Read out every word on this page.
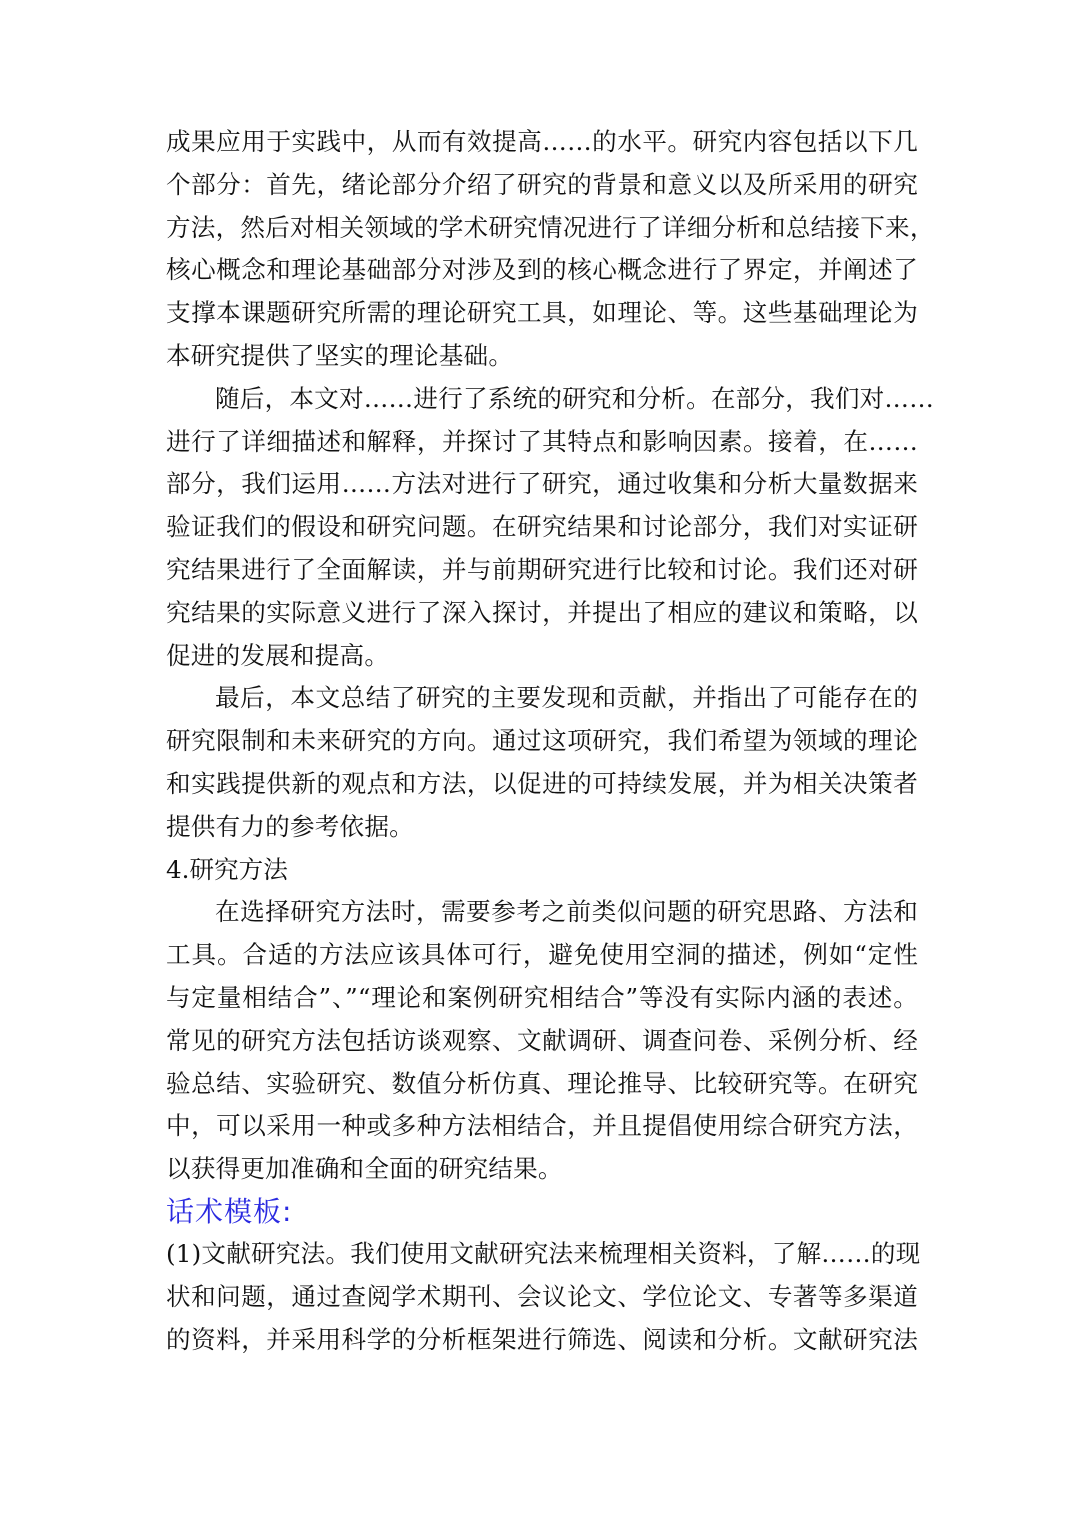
成果应用于实践中，从而有效提高……的水平。研究内容包括以下几
个部分：首先，绪论部分介绍了研究的背景和意义以及所采用的研究
方法，然后对相关领域的学术研究情况进行了详细分析和总结接下来，
核心概念和理论基础部分对涉及到的核心概念进行了界定，并阐述了
支撑本课题研究所需的理论研究工具，如理论、等。这些基础理论为
本研究提供了坚实的理论基础。
随后，本文对……进行了系统的研究和分析。在部分，我们对……
进行了详细描述和解释，并探讨了其特点和影响因素。接着，在……
部分，我们运用……方法对进行了研究，通过收集和分析大量数据来
验证我们的假设和研究问题。在研究结果和讨论部分，我们对实证研
究结果进行了全面解读，并与前期研究进行比较和讨论。我们还对研
究结果的实际意义进行了深入探讨，并提出了相应的建议和策略，以
促进的发展和提高。
最后，本文总结了研究的主要发现和贡献，并指出了可能存在的
研究限制和未来研究的方向。通过这项研究，我们希望为领域的理论
和实践提供新的观点和方法，以促进的可持续发展，并为相关决策者
提供有力的参考依据。
4.研究方法
在选择研究方法时，需要参考之前类似问题的研究思路、方法和
工具。合适的方法应该具体可行，避免使用空洞的描述，例如“定性
与定量相结合”、”“理论和案例研究相结合”等没有实际内涵的表述。
常见的研究方法包括访谈观察、文献调研、调查问卷、采例分析、经
验总结、实验研究、数值分析仿真、理论推导、比较研究等。在研究
中，可以采用一种或多种方法相结合，并且提倡使用综合研究方法，
以获得更加准确和全面的研究结果。
话术模板:
(1)文献研究法。我们使用文献研究法来梳理相关资料，了解……的现
状和问题，通过查阅学术期刊、会议论文、学位论文、专著等多渠道
的资料，并采用科学的分析框架进行筛选、阅读和分析。文献研究法
